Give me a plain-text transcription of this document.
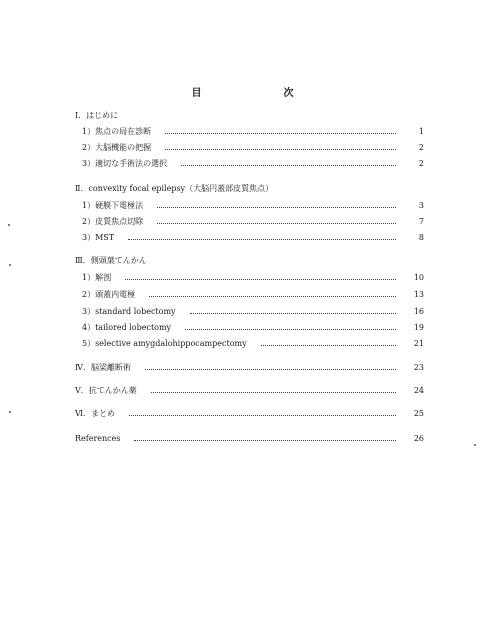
目　次
Ⅰ．はじめに
1）焦点の局在診断	1
2）大脳機能の把握	2
3）適切な手術法の選択	2
Ⅱ．convexity focal epilepsy（大脳円蓋部皮質焦点）
1）硬膜下電極法	3
2）皮質焦点切除	7
3）MST	8
Ⅲ．側頭葉てんかん
1）解剖	10
2）頭蓋内電極	13
3）standard lobectomy	16
4）tailored lobectomy	19
5）selective amygdalohippocampectomy	21
Ⅳ．脳梁離断術	23
Ⅴ．抗てんかん薬	24
Ⅵ．まとめ	25
References	26
